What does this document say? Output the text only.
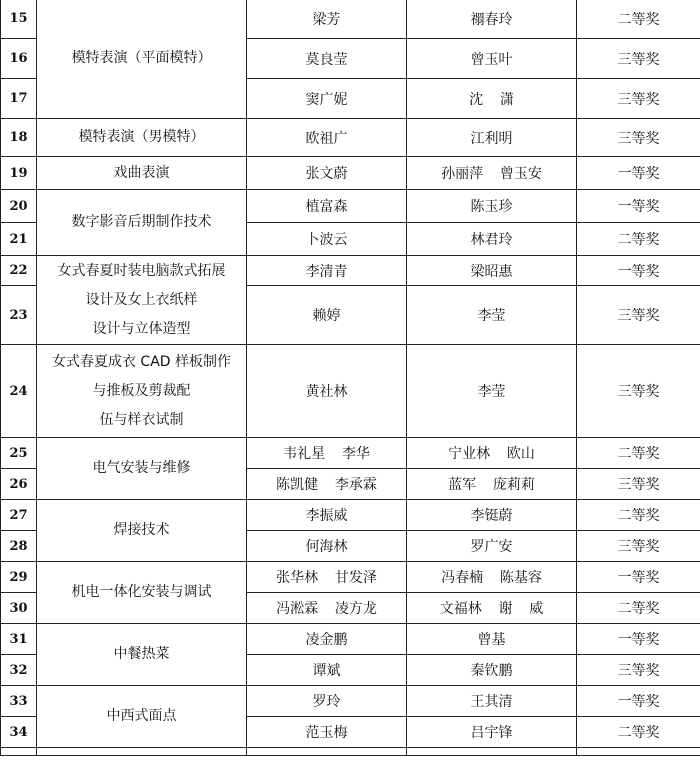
15	模特表演（平面模特）	梁芳	禤春玲	二等奖
16		莫良莹	曾玉叶	三等奖
17		窦广妮	沈 潇	三等奖
18	模特表演（男模特）	欧祖广	江利明	三等奖
19	戏曲表演	张文蔚	孙丽萍 曾玉安	一等奖
20	数字影音后期制作技术	植富森	陈玉珍	一等奖
21		卜波云	林君玲	二等奖
22	女式春夏时装电脑款式拓展
设计及女上衣纸样
设计与立体造型	李清青	梁昭惠	一等奖
23		赖婷	李莹	三等奖
24	女式春夏成衣 CAD 样板制作
与推板及剪裁配
伍与样衣试制	黄社林	李莹	三等奖
25	电气安装与维修	韦礼星 李华	宁业林 欧山	二等奖
26		陈凯健 李承霖	蓝军 庞莉莉	三等奖
27	焊接技术	李振威	李铤蔚	二等奖
28		何海林	罗广安	三等奖
29	机电一体化安装与调试	张华林 甘发泽	冯春楠 陈基容	一等奖
30		冯淞霖 凌方龙	文福林 谢 威	二等奖
31	中餐热菜	凌金鹏	曾基	一等奖
32		谭斌	秦钦鹏	三等奖
33	中西式面点	罗玲	王其清	一等奖
34		范玉梅	吕宇锋	二等奖
